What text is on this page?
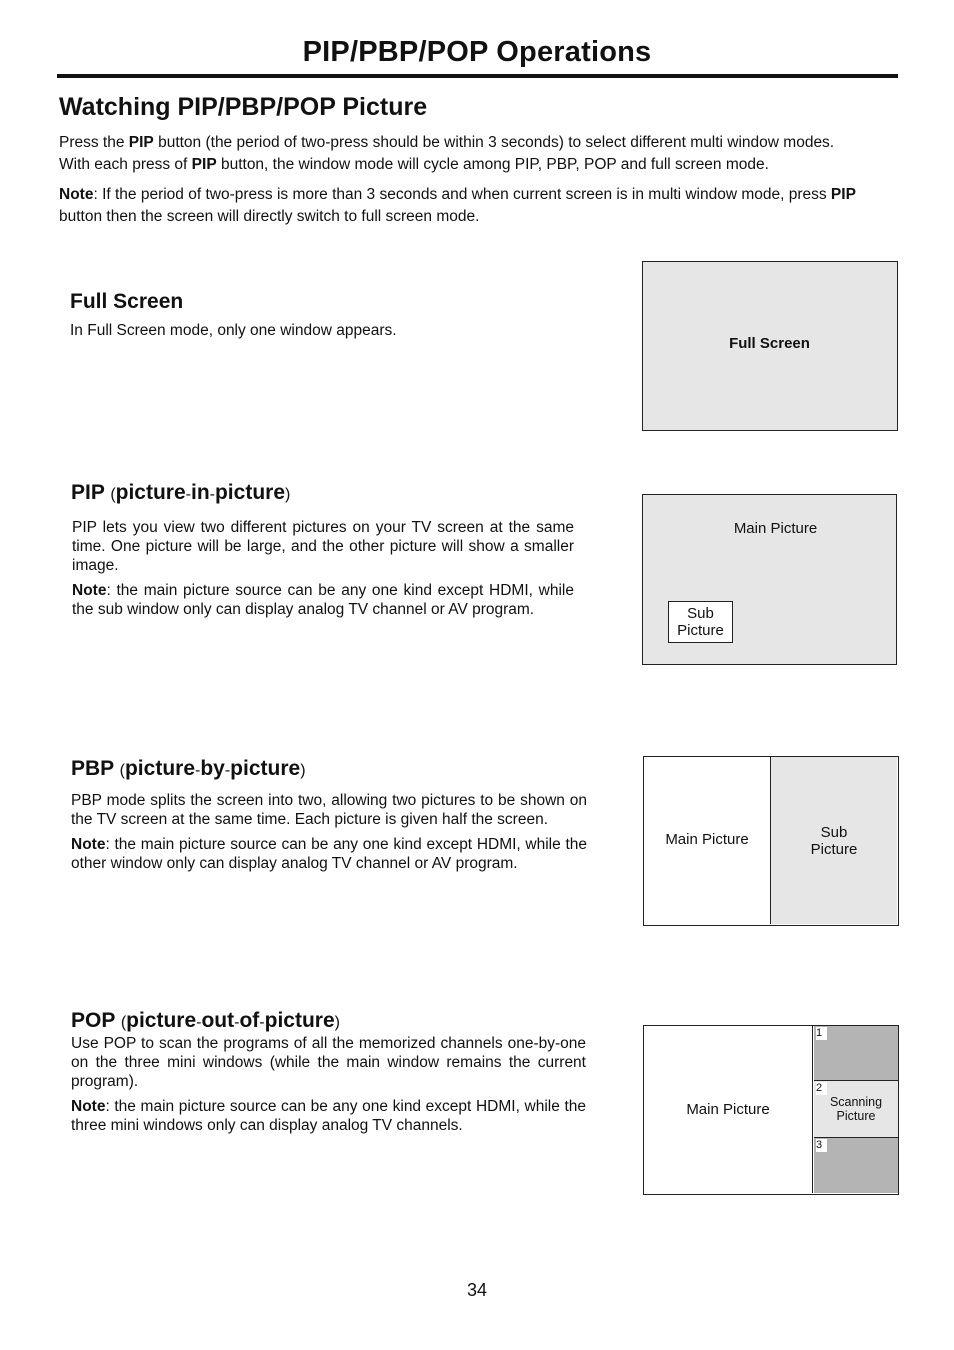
PIP/PBP/POP Operations
Watching PIP/PBP/POP Picture
Press the PIP button (the period of two-press should be within 3 seconds) to select different multi window modes.
With each press of PIP button, the window mode will cycle among PIP, PBP, POP and full screen mode.
Note: If the period of two-press is more than 3 seconds and when current screen is in multi window mode, press PIP
button then the screen will directly switch to full screen mode.
Full Screen
In Full Screen mode, only one window appears.
Full Screen
PIP (picture-in-picture)
PIP lets you view two different pictures on your TV screen at the same time. One picture will be large, and the other picture will show a smaller image.
Note: the main picture source can be any one kind except HDMI, while the sub window only can display analog TV channel or AV program.
Main Picture
Sub
Picture
PBP (picture-by-picture)
PBP mode splits the screen into two, allowing two pictures to be shown on the TV screen at the same time. Each picture is given half the screen.
Note: the main picture source can be any one kind except HDMI, while the other window only can display analog TV channel or AV program.
Main Picture	Sub
Picture
POP (picture-out-of-picture)
Use POP to scan the programs of all the memorized channels one-by-one on the three mini windows (while the main window remains the current program).
Note: the main picture source can be any one kind except HDMI, while the three mini windows only can display analog TV channels.
Main Picture
1
2
Scanning
Picture
3
34
